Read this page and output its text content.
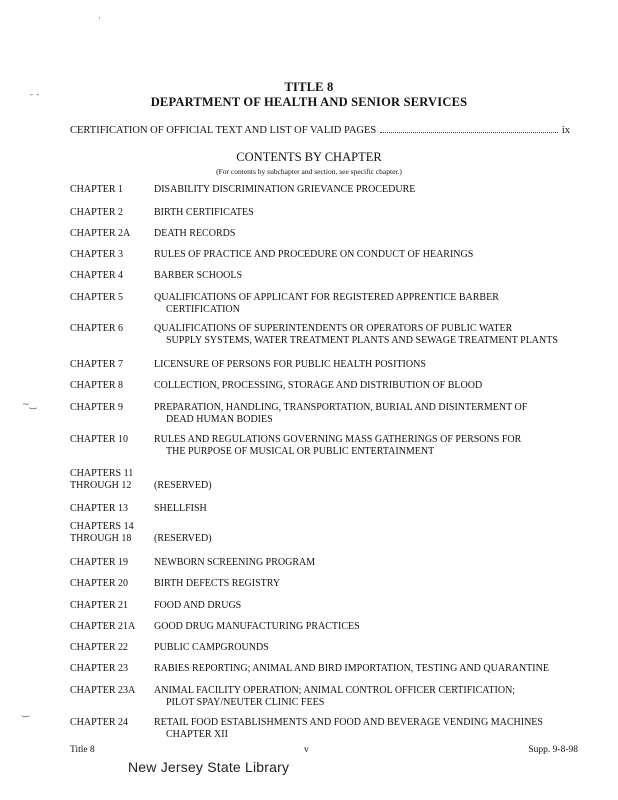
TITLE 8
DEPARTMENT OF HEALTH AND SENIOR SERVICES
CERTIFICATION OF OFFICIAL TEXT AND LIST OF VALID PAGES	ix
CONTENTS BY CHAPTER
(For contents by subchapter and section, see specific chapter.)
CHAPTER 1	DISABILITY DISCRIMINATION GRIEVANCE PROCEDURE
CHAPTER 2	BIRTH CERTIFICATES
CHAPTER 2A	DEATH RECORDS
CHAPTER 3	RULES OF PRACTICE AND PROCEDURE ON CONDUCT OF HEARINGS
CHAPTER 4	BARBER SCHOOLS
CHAPTER 5	QUALIFICATIONS OF APPLICANT FOR REGISTERED APPRENTICE BARBER
CERTIFICATION
CHAPTER 6	QUALIFICATIONS OF SUPERINTENDENTS OR OPERATORS OF PUBLIC WATER
SUPPLY SYSTEMS, WATER TREATMENT PLANTS AND SEWAGE TREATMENT PLANTS
CHAPTER 7	LICENSURE OF PERSONS FOR PUBLIC HEALTH POSITIONS
CHAPTER 8	COLLECTION, PROCESSING, STORAGE AND DISTRIBUTION OF BLOOD
CHAPTER 9	PREPARATION, HANDLING, TRANSPORTATION, BURIAL AND DISINTERMENT OF
DEAD HUMAN BODIES
CHAPTER 10	RULES AND REGULATIONS GOVERNING MASS GATHERINGS OF PERSONS FOR
THE PURPOSE OF MUSICAL OR PUBLIC ENTERTAINMENT
CHAPTERS 11
THROUGH 12	(RESERVED)
CHAPTER 13	SHELLFISH
CHAPTERS 14
THROUGH 18	(RESERVED)
CHAPTER 19	NEWBORN SCREENING PROGRAM
CHAPTER 20	BIRTH DEFECTS REGISTRY
CHAPTER 21	FOOD AND DRUGS
CHAPTER 21A	GOOD DRUG MANUFACTURING PRACTICES
CHAPTER 22	PUBLIC CAMPGROUNDS
CHAPTER 23	RABIES REPORTING; ANIMAL AND BIRD IMPORTATION, TESTING AND QUARANTINE
CHAPTER 23A	ANIMAL FACILITY OPERATION; ANIMAL CONTROL OFFICER CERTIFICATION;
PILOT SPAY/NEUTER CLINIC FEES
CHAPTER 24	RETAIL FOOD ESTABLISHMENTS AND FOOD AND BEVERAGE VENDING MACHINES
CHAPTER XII
Title 8	v	Supp. 9-8-98
New Jersey State Library
·
- ‑
~‿
‿
